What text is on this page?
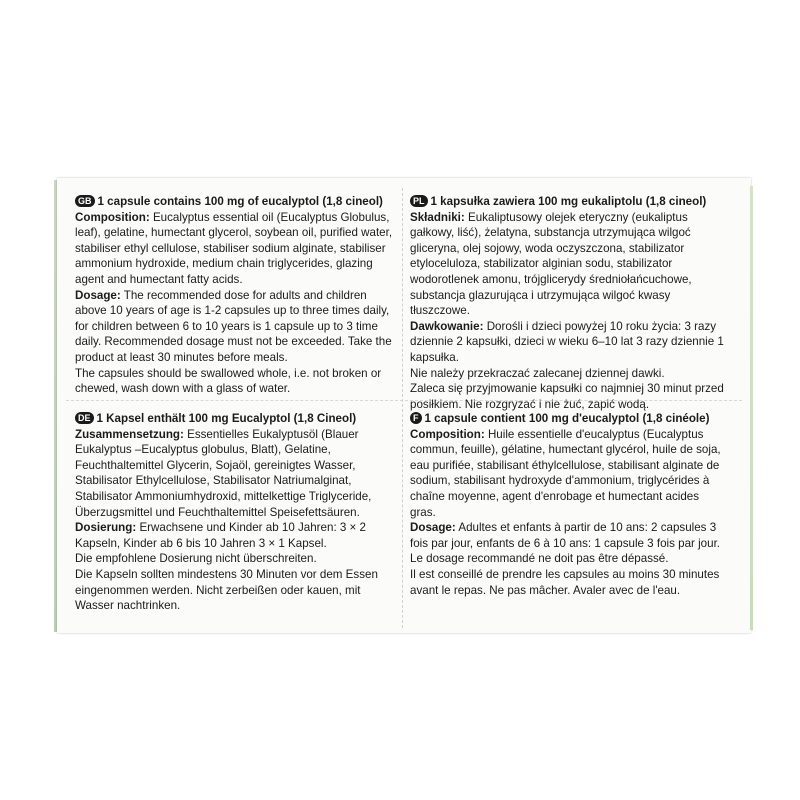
GB 1 capsule contains 100 mg of eucalyptol (1,8 cineol)
Composition: Eucalyptus essential oil (Eucalyptus Globulus, leaf), gelatine, humectant glycerol, soybean oil, purified water, stabiliser ethyl cellulose, stabiliser sodium alginate, stabiliser ammonium hydroxide, medium chain triglycerides, glazing agent and humectant fatty acids.
Dosage: The recommended dose for adults and children above 10 years of age is 1-2 capsules up to three times daily, for children between 6 to 10 years is 1 capsule up to 3 time daily. Recommended dosage must not be exceeded. Take the product at least 30 minutes before meals.
The capsules should be swallowed whole, i.e. not broken or chewed, wash down with a glass of water.
PL 1 kapsułka zawiera 100 mg eukaliptolu (1,8 cineol)
Składniki: Eukaliptusowy olejek eteryczny (eukaliptus gałkowy, liść), żelatyna, substancja utrzymująca wilgoć gliceryna, olej sojowy, woda oczyszczona, stabilizator etyloceluloza, stabilizator alginian sodu, stabilizator wodorotlenek amonu, trójglicerydy średniołańcuchowe, substancja glazurująca i utrzymująca wilgoć kwasy tłuszczowe.
Dawkowanie: Dorośli i dzieci powyżej 10 roku życia: 3 razy dziennie 2 kapsułki, dzieci w wieku 6–10 lat 3 razy dziennie 1 kapsułka.
Nie należy przekraczać zalecanej dziennej dawki.
Zaleca się przyjmowanie kapsułki co najmniej 30 minut przed posiłkiem. Nie rozgryzać i nie żuć, zapić wodą.
DE 1 Kapsel enthält 100 mg Eucalyptol (1,8 Cineol)
Zusammensetzung: Essentielles Eukalyptusöl (Blauer Eukalyptus –Eucalyptus globulus, Blatt), Gelatine, Feuchthaltemittel Glycerin, Sojaöl, gereinigtes Wasser, Stabilisator Ethylcellulose, Stabilisator Natriumalginat, Stabilisator Ammoniumhydroxid, mittelkettige Triglyceride, Überzugsmittel und Feuchthaltemittel Speisefettsäuren.
Dosierung: Erwachsene und Kinder ab 10 Jahren: 3 × 2 Kapseln, Kinder ab 6 bis 10 Jahren 3 × 1 Kapsel.
Die empfohlene Dosierung nicht überschreiten.
Die Kapseln sollten mindestens 30 Minuten vor dem Essen eingenommen werden. Nicht zerbeißen oder kauen, mit Wasser nachtrinken.
F 1 capsule contient 100 mg d'eucalyptol (1,8 cinéole)
Composition: Huile essentielle d'eucalyptus (Eucalyptus commun, feuille), gélatine, humectant glycérol, huile de soja, eau purifiée, stabilisant éthylcellulose, stabilisant alginate de sodium, stabilisant hydroxyde d'ammonium, triglycérides à chaîne moyenne, agent d'enrobage et humectant acides gras.
Dosage: Adultes et enfants à partir de 10 ans: 2 capsules 3 fois par jour, enfants de 6 à 10 ans: 1 capsule 3 fois par jour.
Le dosage recommandé ne doit pas être dépassé.
Il est conseillé de prendre les capsules au moins 30 minutes avant le repas. Ne pas mâcher. Avaler avec de l'eau.
